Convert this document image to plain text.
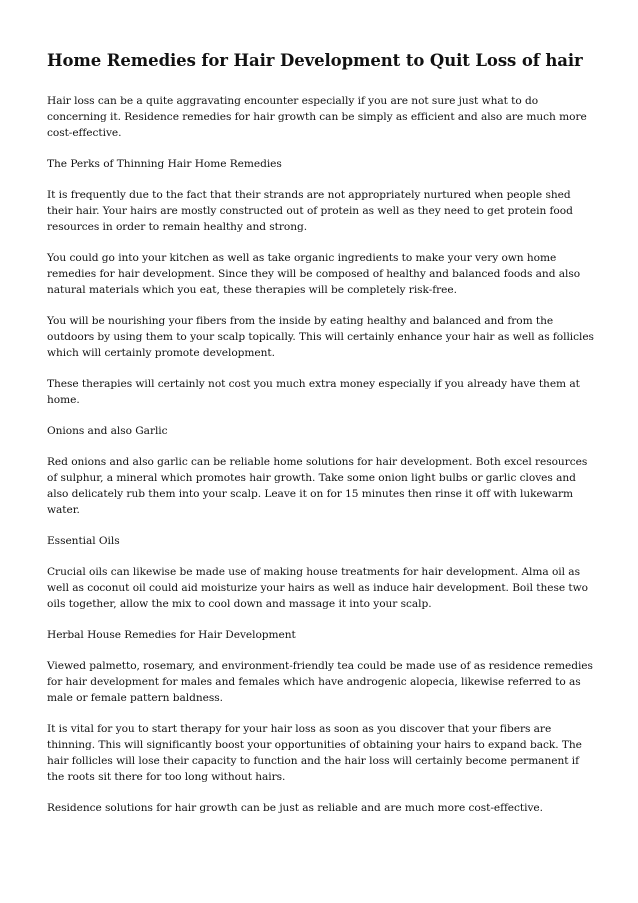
Home Remedies for Hair Development to Quit Loss of hair

Hair loss can be a quite aggravating encounter especially if you are not sure just what to do concerning it. Residence remedies for hair growth can be simply as efficient and also are much more cost-effective.

The Perks of Thinning Hair Home Remedies

It is frequently due to the fact that their strands are not appropriately nurtured when people shed their hair. Your hairs are mostly constructed out of protein as well as they need to get protein food resources in order to remain healthy and strong.

You could go into your kitchen as well as take organic ingredients to make your very own home remedies for hair development. Since they will be composed of healthy and balanced foods and also natural materials which you eat, these therapies will be completely risk-free.

You will be nourishing your fibers from the inside by eating healthy and balanced and from the outdoors by using them to your scalp topically. This will certainly enhance your hair as well as follicles which will certainly promote development.

These therapies will certainly not cost you much extra money especially if you already have them at home.

Onions and also Garlic

Red onions and also garlic can be reliable home solutions for hair development. Both excel resources of sulphur, a mineral which promotes hair growth. Take some onion light bulbs or garlic cloves and also delicately rub them into your scalp. Leave it on for 15 minutes then rinse it off with lukewarm water.

Essential Oils

Crucial oils can likewise be made use of making house treatments for hair development. Alma oil as well as coconut oil could aid moisturize your hairs as well as induce hair development. Boil these two oils together, allow the mix to cool down and massage it into your scalp.

Herbal House Remedies for Hair Development

Viewed palmetto, rosemary, and environment-friendly tea could be made use of as residence remedies for hair development for males and females which have androgenic alopecia, likewise referred to as male or female pattern baldness.

It is vital for you to start therapy for your hair loss as soon as you discover that your fibers are thinning. This will significantly boost your opportunities of obtaining your hairs to expand back. The hair follicles will lose their capacity to function and the hair loss will certainly become permanent if the roots sit there for too long without hairs.

Residence solutions for hair growth can be just as reliable and are much more cost-effective.
